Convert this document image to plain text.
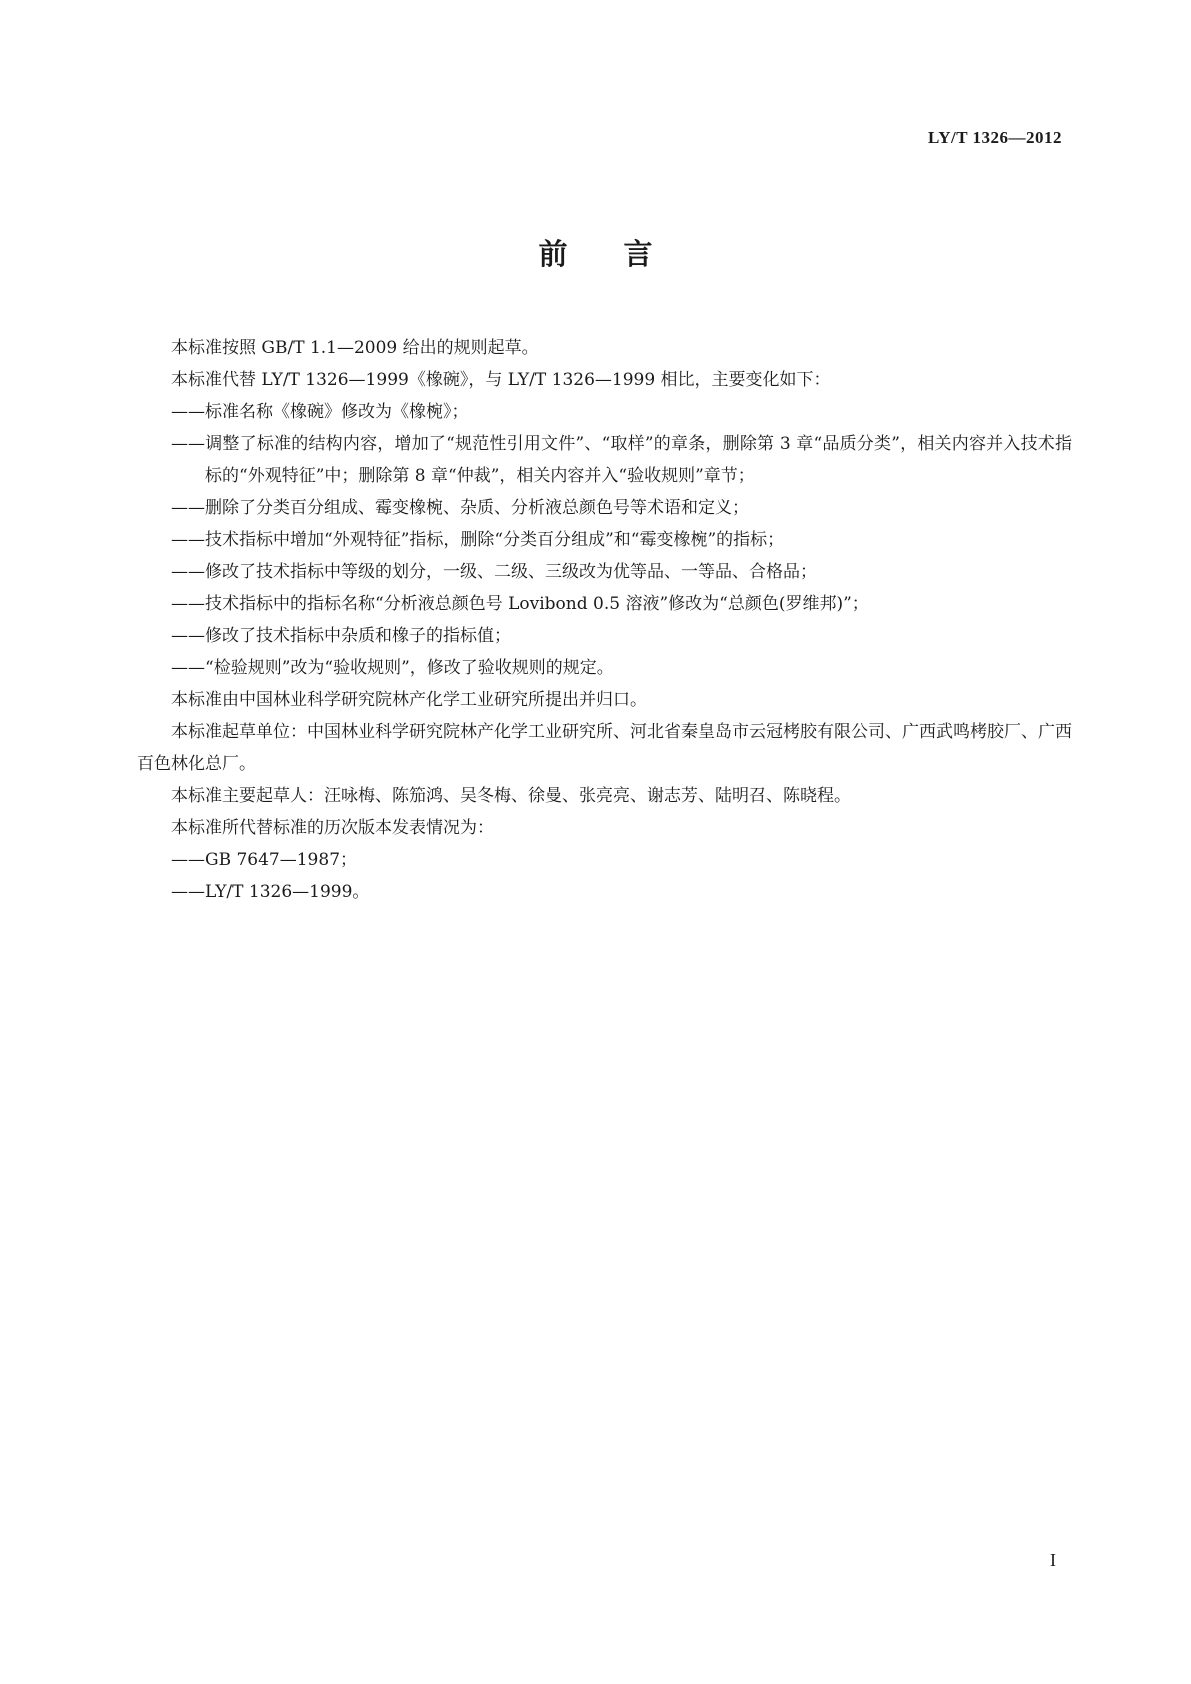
LY/T 1326—2012
前言

本标准按照 GB/T 1.1—2009 给出的规则起草。

本标准代替 LY/T 1326—1999《橡碗》，与 LY/T 1326—1999 相比，主要变化如下：

——标准名称《橡碗》修改为《橡椀》；

——调整了标准的结构内容，增加了“规范性引用文件”、“取样”的章条，删除第 3 章“品质分类”，相关内容并入技术指标的“外观特征”中；删除第 8 章“仲裁”，相关内容并入“验收规则”章节；

——删除了分类百分组成、霉变橡椀、杂质、分析液总颜色号等术语和定义；

——技术指标中增加“外观特征”指标，删除“分类百分组成”和“霉变橡椀”的指标；

——修改了技术指标中等级的划分，一级、二级、三级改为优等品、一等品、合格品；

——技术指标中的指标名称“分析液总颜色号 Lovibond 0.5 溶液”修改为“总颜色(罗维邦)”；

——修改了技术指标中杂质和橡子的指标值；

——“检验规则”改为“验收规则”，修改了验收规则的规定。

本标准由中国林业科学研究院林产化学工业研究所提出并归口。

本标准起草单位：中国林业科学研究院林产化学工业研究所、河北省秦皇岛市云冠栲胶有限公司、广西武鸣栲胶厂、广西百色林化总厂。

本标准主要起草人：汪咏梅、陈笳鸿、吴冬梅、徐曼、张亮亮、谢志芳、陆明召、陈晓程。

本标准所代替标准的历次版本发表情况为：

——GB 7647—1987；

——LY/T 1326—1999。

I
